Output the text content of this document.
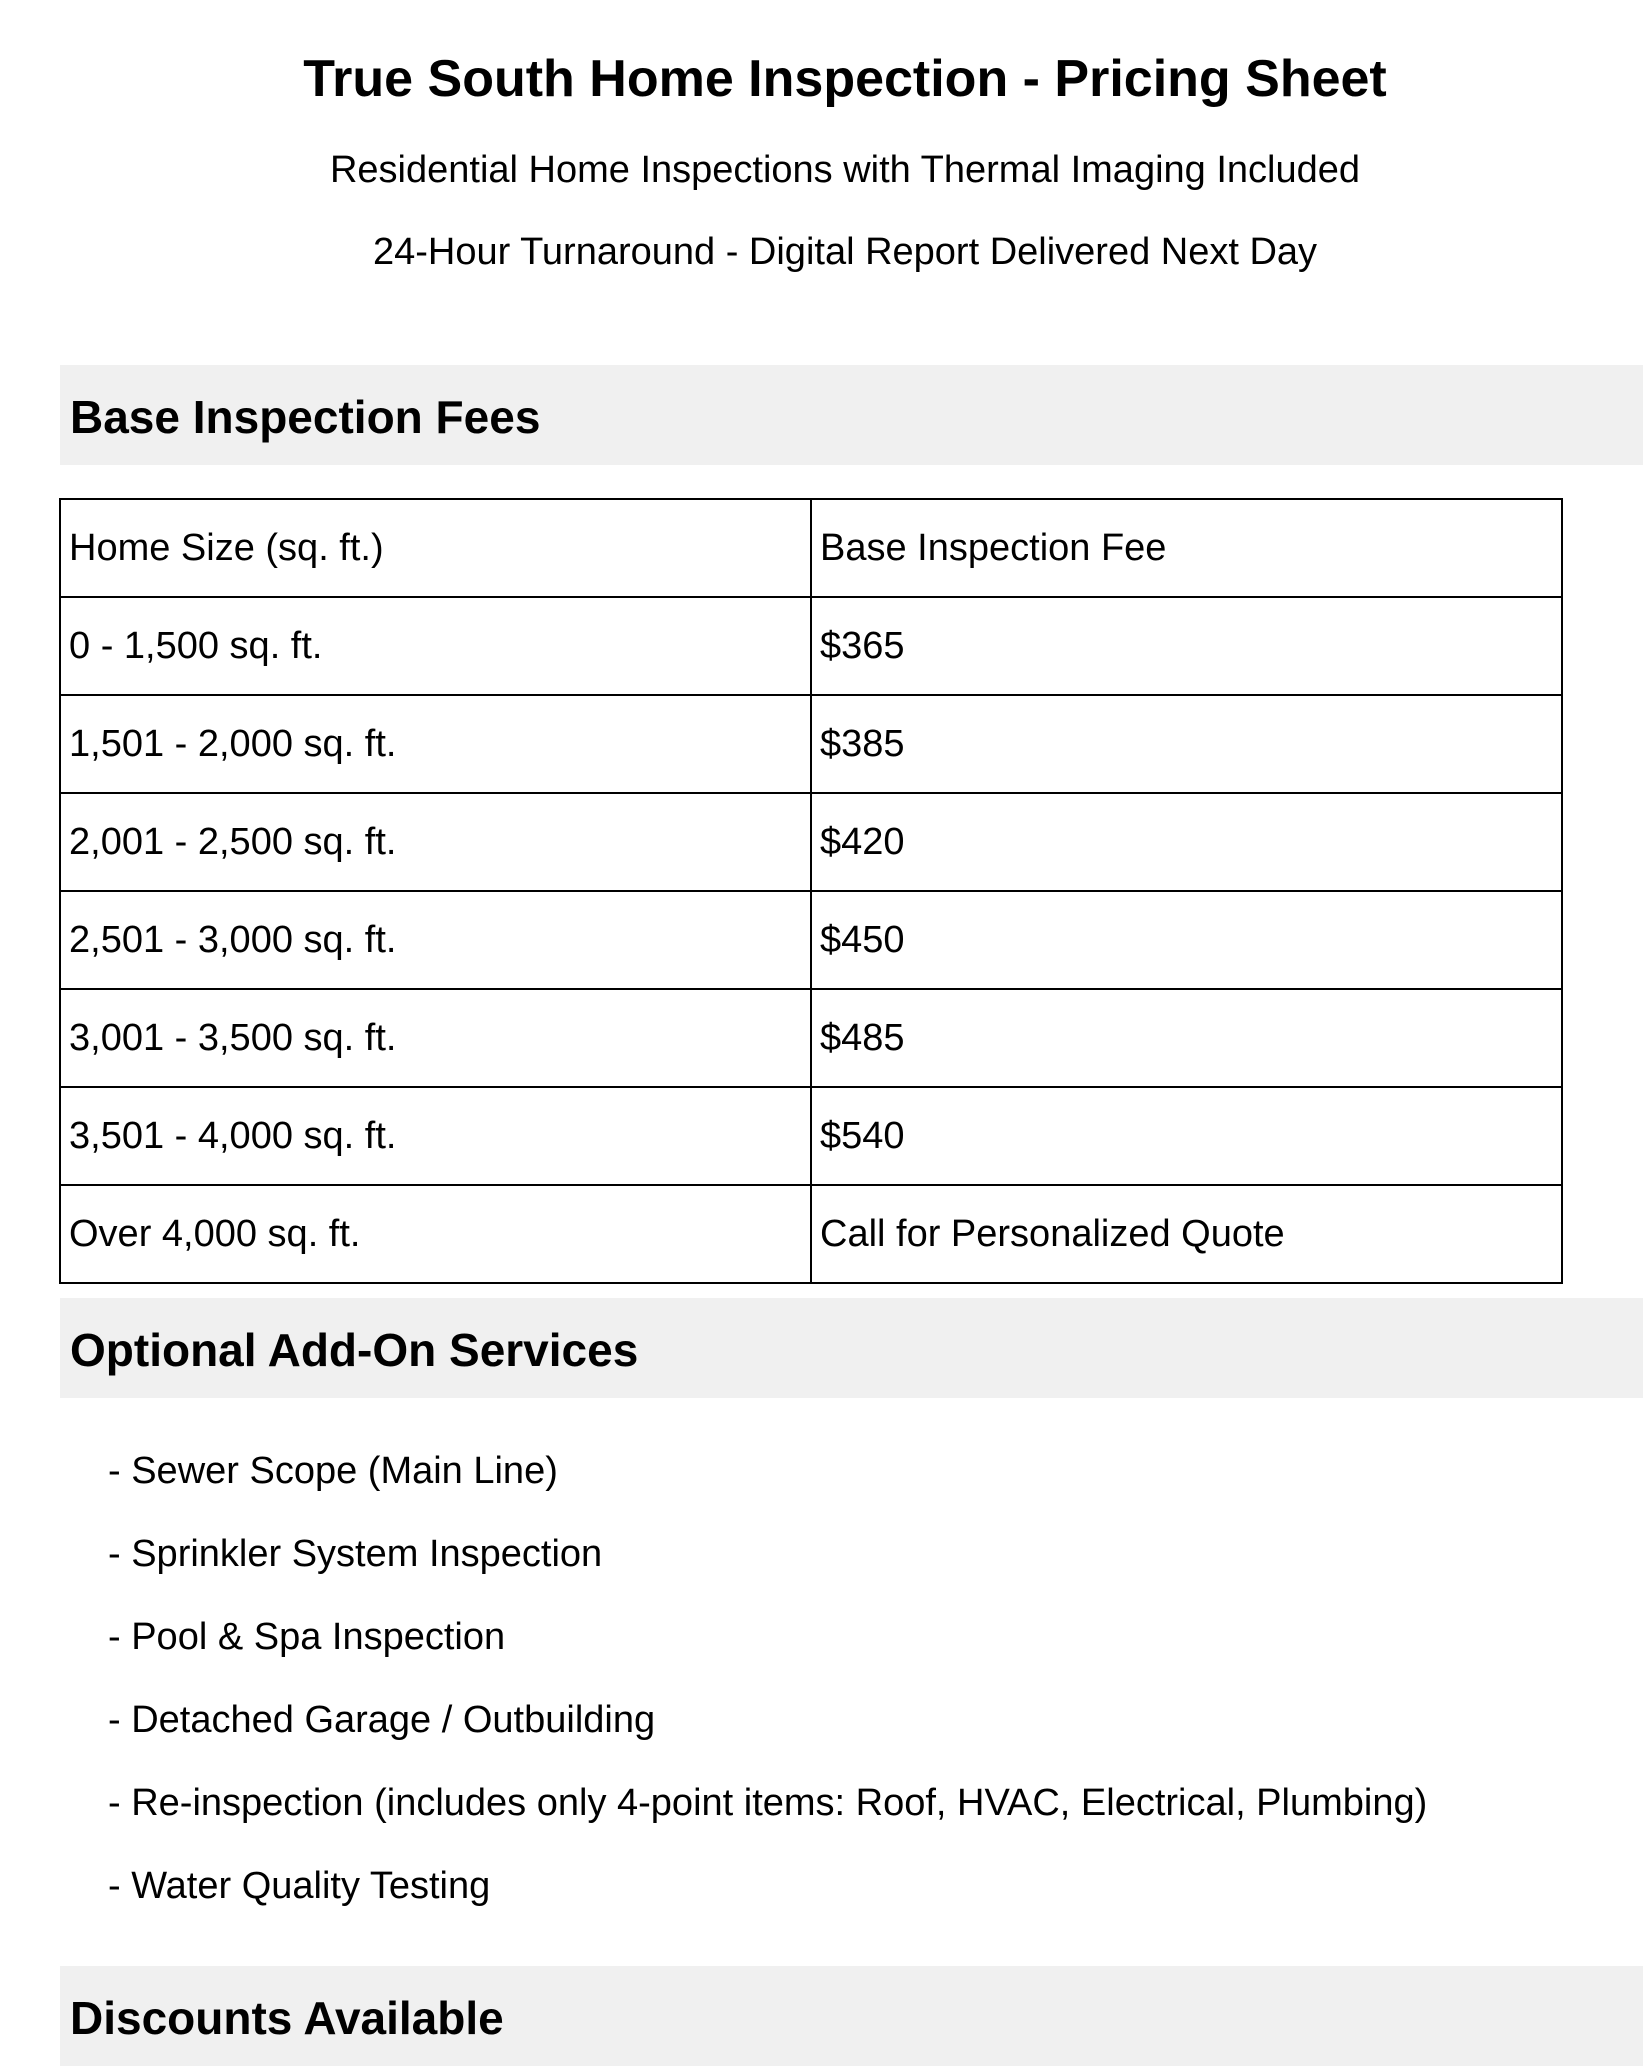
True South Home Inspection - Pricing Sheet
Residential Home Inspections with Thermal Imaging Included
24-Hour Turnaround - Digital Report Delivered Next Day
Base Inspection Fees
Home Size (sq. ft.)	Base Inspection Fee
0 - 1,500 sq. ft.	$365
1,501 - 2,000 sq. ft.	$385
2,001 - 2,500 sq. ft.	$420
2,501 - 3,000 sq. ft.	$450
3,001 - 3,500 sq. ft.	$485
3,501 - 4,000 sq. ft.	$540
Over 4,000 sq. ft.	Call for Personalized Quote
Optional Add-On Services
- Sewer Scope (Main Line)
- Sprinkler System Inspection
- Pool & Spa Inspection
- Detached Garage / Outbuilding
- Re-inspection (includes only 4-point items: Roof, HVAC, Electrical, Plumbing)
- Water Quality Testing
Discounts Available
